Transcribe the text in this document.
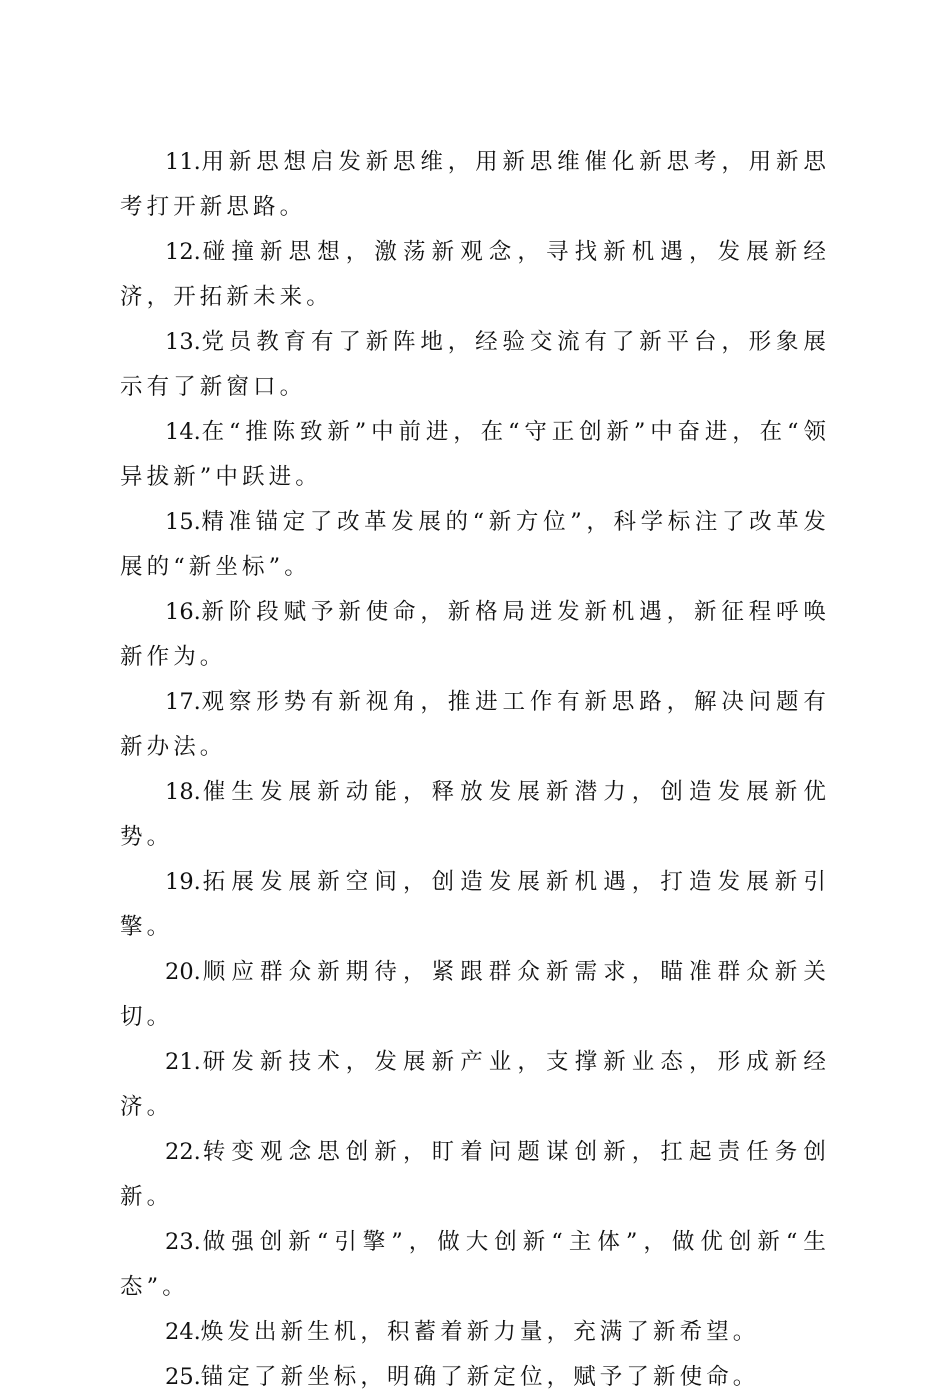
11.用新思想启发新思维，用新思维催化新思考，用新思考打开新思路。

12.碰撞新思想，激荡新观念，寻找新机遇，发展新经济，开拓新未来。

13.党员教育有了新阵地，经验交流有了新平台，形象展示有了新窗口。

14.在“推陈致新”中前进，在“守正创新”中奋进，在“领异拔新”中跃进。

15.精准锚定了改革发展的“新方位”，科学标注了改革发展的“新坐标”。

16.新阶段赋予新使命，新格局迸发新机遇，新征程呼唤新作为。

17.观察形势有新视角，推进工作有新思路，解决问题有新办法。

18.催生发展新动能，释放发展新潜力，创造发展新优势。

19.拓展发展新空间，创造发展新机遇，打造发展新引擎。

20.顺应群众新期待，紧跟群众新需求，瞄准群众新关切。

21.研发新技术，发展新产业，支撑新业态，形成新经济。

22.转变观念思创新，盯着问题谋创新，扛起责任务创新。

23.做强创新“引擎”，做大创新“主体”，做优创新“生态”。

24.焕发出新生机，积蓄着新力量，充满了新希望。

25.锚定了新坐标，明确了新定位，赋予了新使命。
